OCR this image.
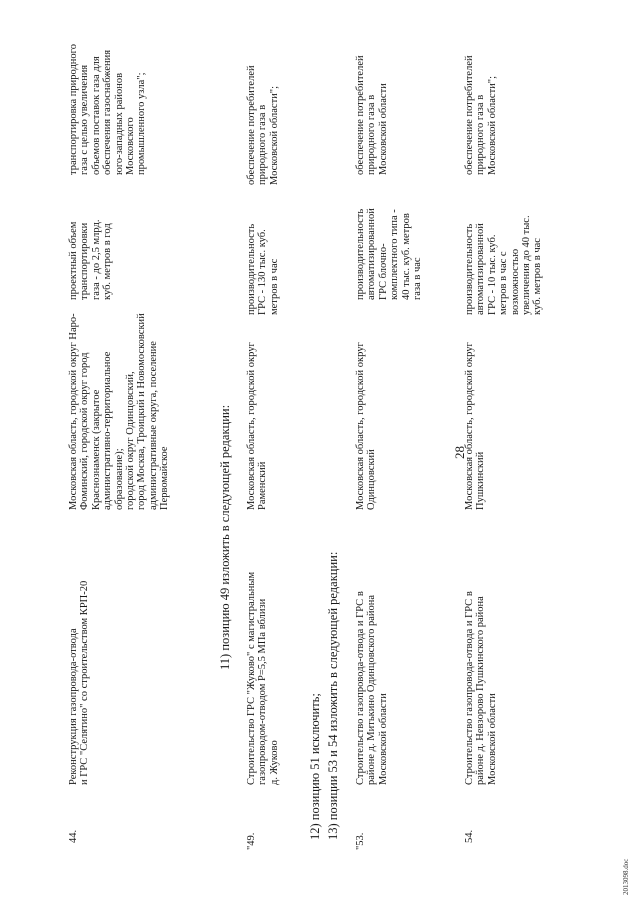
28
44.
Реконструкция газопровода-отвода
и ГРС "Селятино" со строительством КРП-20
Московская область, городской округ Наро-
Фоминский, городской округ город
Краснознаменск (закрытое
административно-территориальное
образование);
городской округ Одинцовский,
город Москва, Троицкий и Новомосковский
административные округа, поселение
Первомайское
проектный объем
транспортировки
газа - до 2,5 млрд.
куб. метров в год
транспортировка природного
газа с целью увеличения
объемов поставок газа для
обеспечения газоснабжения
юго-западных районов
Московского
промышленного узла";
11) позицию 49 изложить в следующей редакции:
"49.
Строительство ГРС "Жуково" с магистральным
газопроводом-отводом P=5,5 МПа вблизи
д. Жуково
Московская область, городской округ
Раменский
производительность
ГРС - 130 тыс. куб.
метров в час
обеспечение потребителей
природного газа в
Московской области";
12) позицию 51 исключить; 13) позиции 53 и 54 изложить в следующей редакции:
"53.
Строительство газопровода-отвода и ГРС в
районе д. Митькино Одинцовского района
Московской области
Московская область, городской округ
Одинцовский
производительность
автоматизированной
ГРС блочно-
комплектного типа -
40 тыс. куб. метров
газа в час
обеспечение потребителей
природного газа в
Московской области
54.
Строительство газопровода-отвода и ГРС в
районе д. Невзорово Пушкинского района
Московской области
Московская область, городской округ
Пушкинский
производительность
автоматизированной
ГРС - 10 тыс. куб.
метров в час с
возможностью
увеличения до 40 тыс.
куб. метров в час
обеспечение потребителей
природного газа в
Московской области";
2013098.doc
